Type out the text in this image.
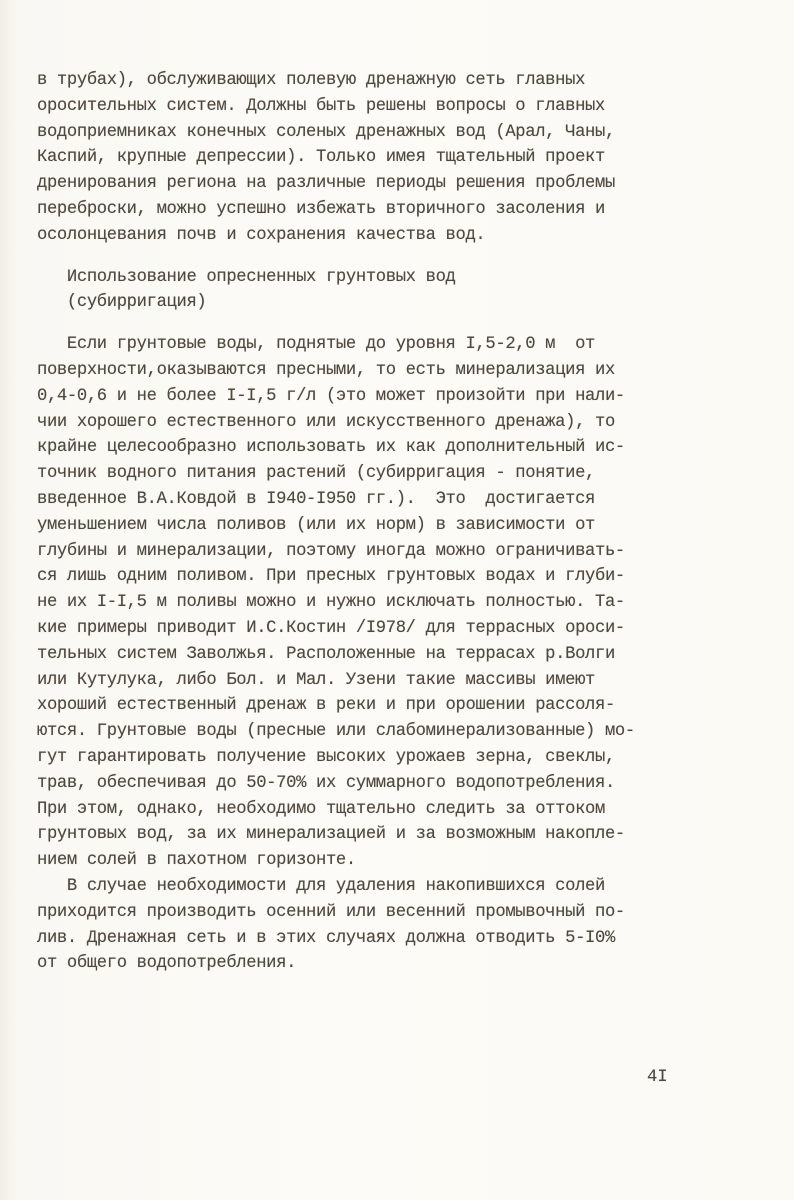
в трубах), обслуживающих полевую дренажную сеть главных
оросительных систем. Должны быть решены вопросы о главных
водоприемниках конечных соленых дренажных вод (Арал, Чаны,
Каспий, крупные депрессии). Только имея тщательный проект
дренирования региона на различные периоды решения проблемы
переброски, можно успешно избежать вторичного засоления и
осолонцевания почв и сохранения качества вод.
Использование опресненных грунтовых вод
(субирригация)
Если грунтовые воды, поднятые до уровня I,5-2,0 м  от
поверхности,оказываются пресными, то есть минерализация их
0,4-0,6 и не более I-I,5 г/л (это может произойти при нали-
чии хорошего естественного или искусственного дренажа), то
крайне целесообразно использовать их как дополнительный ис-
точник водного питания растений (субирригация - понятие,
введенное В.А.Ковдой в I940-I950 гг.).  Это  достигается
уменьшением числа поливов (или их норм) в зависимости от
глубины и минерализации, поэтому иногда можно ограничивать-
ся лишь одним поливом. При пресных грунтовых водах и глуби-
не их I-I,5 м поливы можно и нужно исключать полностью. Та-
кие примеры приводит И.С.Костин /I978/ для террасных ороси-
тельных систем Заволжья. Расположенные на террасах р.Волги
или Кутулука, либо Бол. и Мал. Узени такие массивы имеют
хороший естественный дренаж в реки и при орошении рассоля-
ются. Грунтовые воды (пресные или слабоминерализованные) мо-
гут гарантировать получение высоких урожаев зерна, свеклы,
трав, обеспечивая до 50-70% их суммарного водопотребления.
При этом, однако, необходимо тщательно следить за оттоком
грунтовых вод, за их минерализацией и за возможным накопле-
нием солей в пахотном горизонте.
В случае необходимости для удаления накопившихся солей
приходится производить осенний или весенний промывочный по-
лив. Дренажная сеть и в этих случаях должна отводить 5-I0%
от общего водопотребления.
4I
